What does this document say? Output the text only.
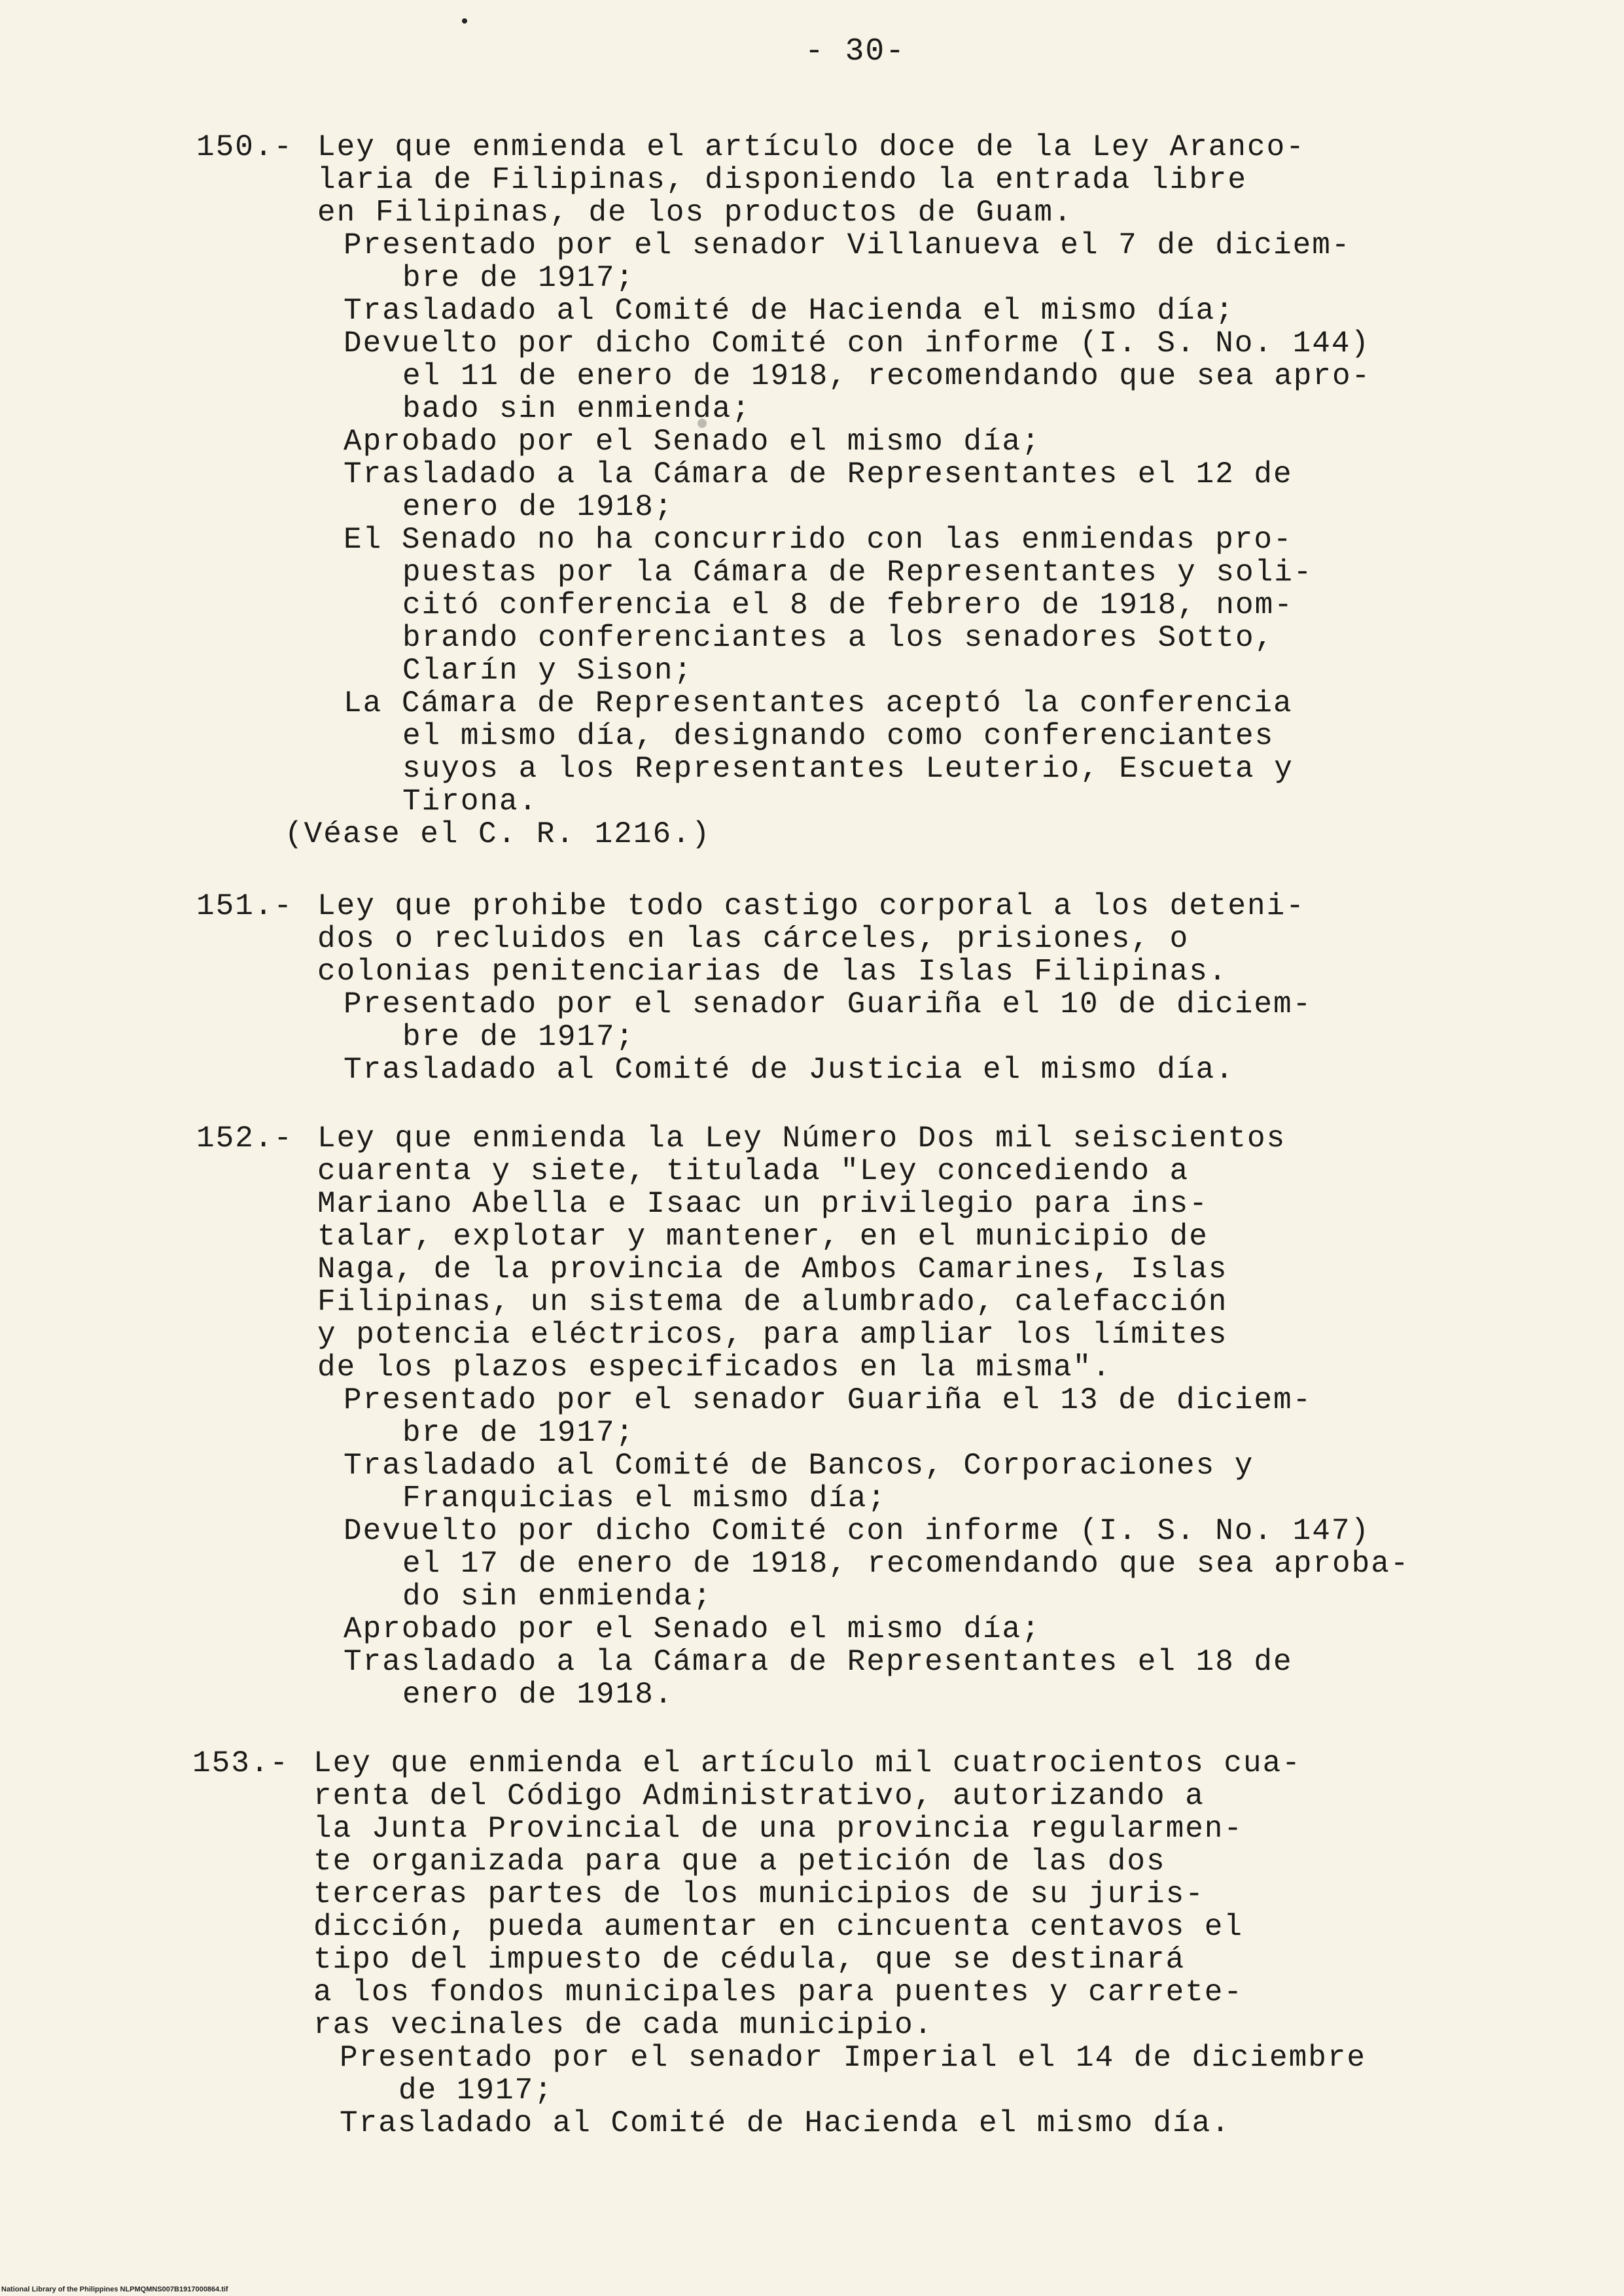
- 30-
150.- Ley que enmienda el artículo doce de la Ley Aranco-
laria de Filipinas, disponiendo la entrada libre
en Filipinas, de los productos de Guam.
Presentado por el senador Villanueva el 7 de diciem-
bre de 1917;
Trasladado al Comité de Hacienda el mismo día;
Devuelto por dicho Comité con informe (I. S. No. 144)
el 11 de enero de 1918, recomendando que sea apro-
bado sin enmienda;
Aprobado por el Senado el mismo día;
Trasladado a la Cámara de Representantes el 12 de
enero de 1918;
El Senado no ha concurrido con las enmiendas pro-
puestas por la Cámara de Representantes y soli-
citó conferencia el 8 de febrero de 1918, nom-
brando conferenciantes a los senadores Sotto,
Clarín y Sison;
La Cámara de Representantes aceptó la conferencia
el mismo día, designando como conferenciantes
suyos a los Representantes Leuterio, Escueta y
Tirona.
(Véase el C. R. 1216.)
151.- Ley que prohibe todo castigo corporal a los deteni-
dos o recluidos en las cárceles, prisiones, o
colonias penitenciarias de las Islas Filipinas.
Presentado por el senador Guariña el 10 de diciem-
bre de 1917;
Trasladado al Comité de Justicia el mismo día.
152.- Ley que enmienda la Ley Número Dos mil seiscientos
cuarenta y siete, titulada "Ley concediendo a
Mariano Abella e Isaac un privilegio para ins-
talar, explotar y mantener, en el municipio de
Naga, de la provincia de Ambos Camarines, Islas
Filipinas, un sistema de alumbrado, calefacción
y potencia eléctricos, para ampliar los límites
de los plazos especificados en la misma".
Presentado por el senador Guariña el 13 de diciem-
bre de 1917;
Trasladado al Comité de Bancos, Corporaciones y
Franquicias el mismo día;
Devuelto por dicho Comité con informe (I. S. No. 147)
el 17 de enero de 1918, recomendando que sea aproba-
do sin enmienda;
Aprobado por el Senado el mismo día;
Trasladado a la Cámara de Representantes el 18 de
enero de 1918.
153.- Ley que enmienda el artículo mil cuatrocientos cua-
renta del Código Administrativo, autorizando a
la Junta Provincial de una provincia regularmen-
te organizada para que a petición de las dos
terceras partes de los municipios de su juris-
dicción, pueda aumentar en cincuenta centavos el
tipo del impuesto de cédula, que se destinará
a los fondos municipales para puentes y carrete-
ras vecinales de cada municipio.
Presentado por el senador Imperial el 14 de diciembre
de 1917;
Trasladado al Comité de Hacienda el mismo día.
National Library of the Philippines NLPMQMNS007B1917000864.tif
